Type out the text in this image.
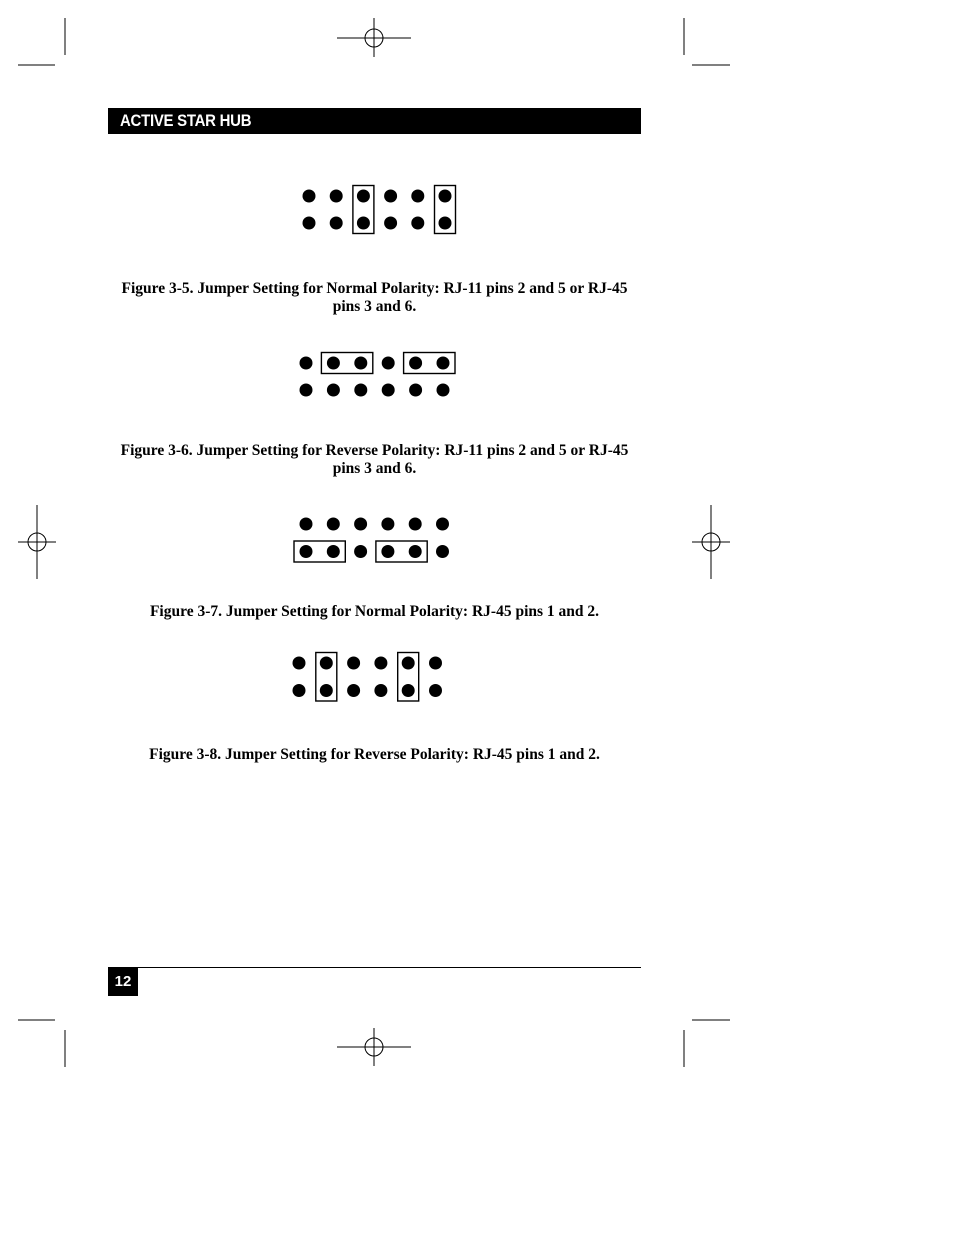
ACTIVE STAR HUB
Figure 3-5. Jumper Setting for Normal Polarity: RJ-11 pins 2 and 5 or RJ-45 pins 3 and 6.
Figure 3-6. Jumper Setting for Reverse Polarity: RJ-11 pins 2 and 5 or RJ-45 pins 3 and 6.
Figure 3-7. Jumper Setting for Normal Polarity: RJ-45 pins 1 and 2.
Figure 3-8. Jumper Setting for Reverse Polarity: RJ-45 pins 1 and 2.
12
